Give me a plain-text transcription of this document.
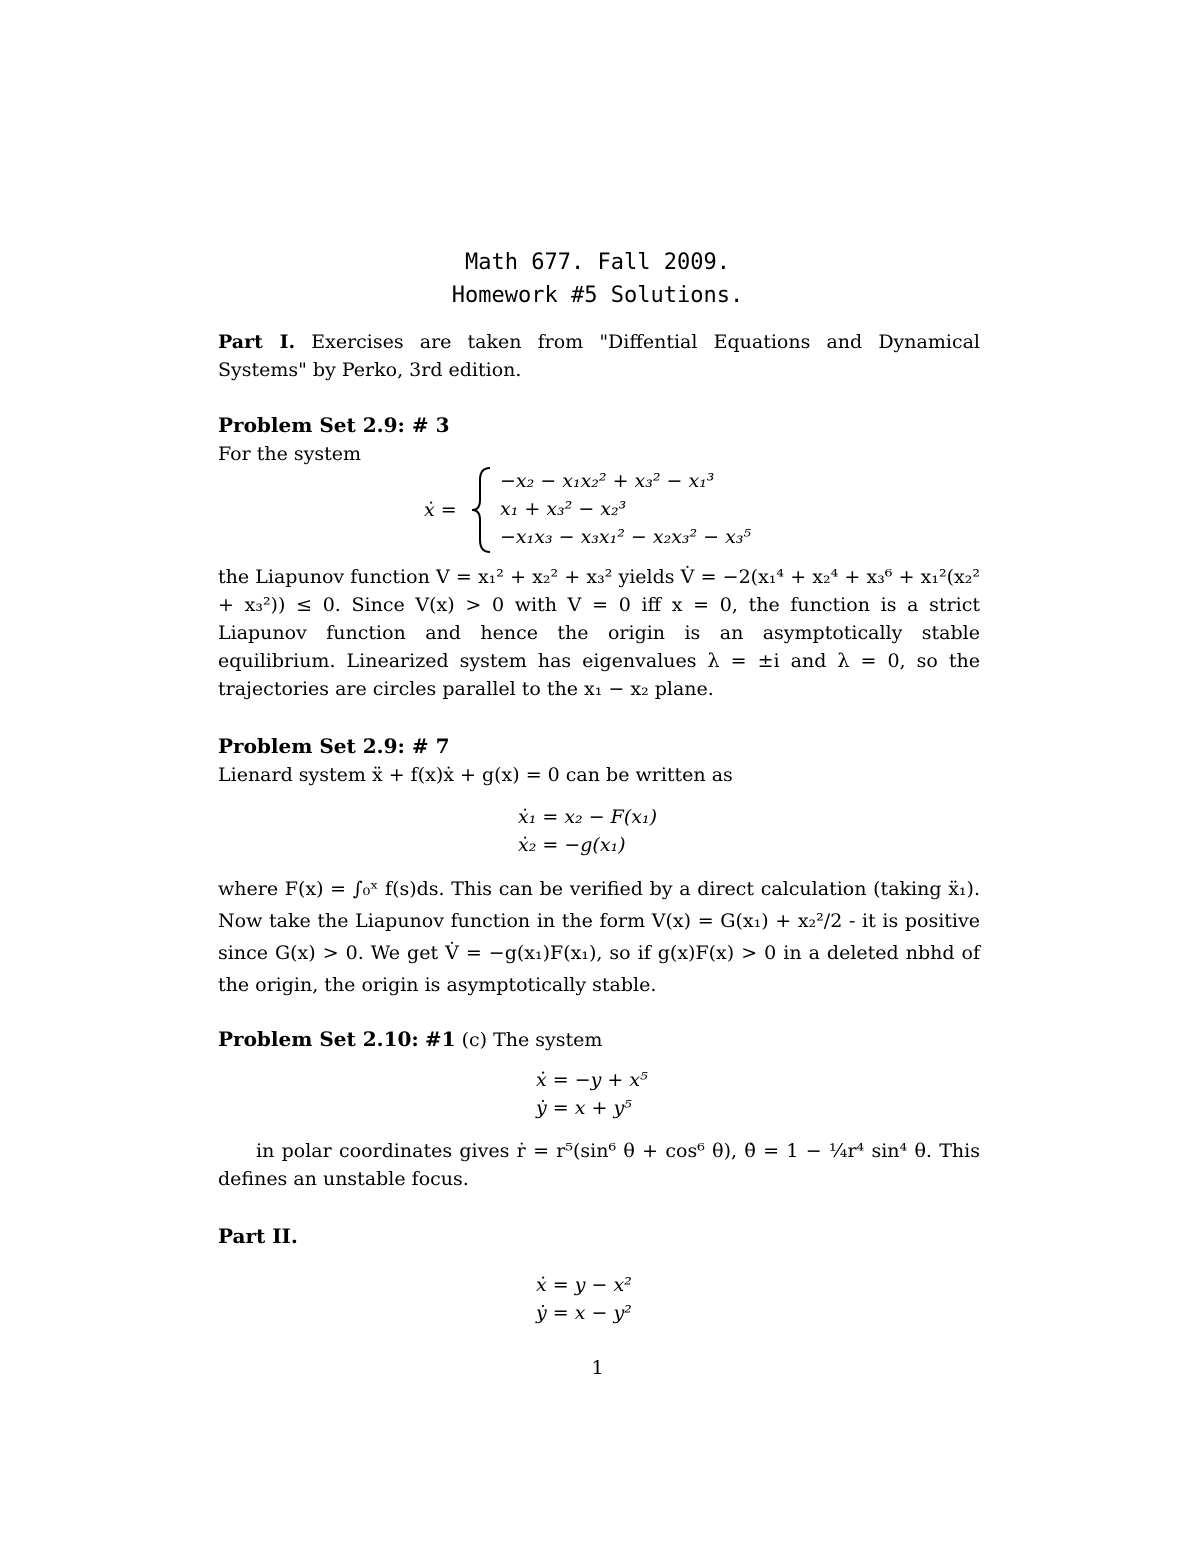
Math 677. Fall 2009.
Homework #5 Solutions.
Part I. Exercises are taken from "Diffential Equations and Dynamical Systems" by Perko, 3rd edition.
Problem Set 2.9: # 3
For the system
ẋ =
−x₂ − x₁x₂² + x₃² − x₁³
x₁ + x₃² − x₂³
−x₁x₃ − x₃x₁² − x₂x₃² − x₃⁵
the Liapunov function V = x₁² + x₂² + x₃² yields V̇ = −2(x₁⁴ + x₂⁴ + x₃⁶ + x₁²(x₂² + x₃²)) ≤ 0. Since V(x) > 0 with V = 0 iff x = 0, the function is a strict Liapunov function and hence the origin is an asymptotically stable equilibrium. Linearized system has eigenvalues λ = ±i and λ = 0, so the trajectories are circles parallel to the x₁ − x₂ plane.
Problem Set 2.9: # 7
Lienard system ẍ + f(x)ẋ + g(x) = 0 can be written as
ẋ₁ = x₂ − F(x₁)
ẋ₂ = −g(x₁)
where F(x) = ∫₀ˣ f(s)ds. This can be verified by a direct calculation (taking ẍ₁). Now take the Liapunov function in the form V(x) = G(x₁) + x₂²/2 - it is positive since G(x) > 0. We get V̇ = −g(x₁)F(x₁), so if g(x)F(x) > 0 in a deleted nbhd of the origin, the origin is asymptotically stable.
Problem Set 2.10: #1 (c) The system
ẋ = −y + x⁵
ẏ = x + y⁵
in polar coordinates gives ṙ = r⁵(sin⁶ θ + cos⁶ θ), θ̇ = 1 − ¼r⁴ sin⁴ θ. This defines an unstable focus.
Part II.
ẋ = y − x²
ẏ = x − y²
1
